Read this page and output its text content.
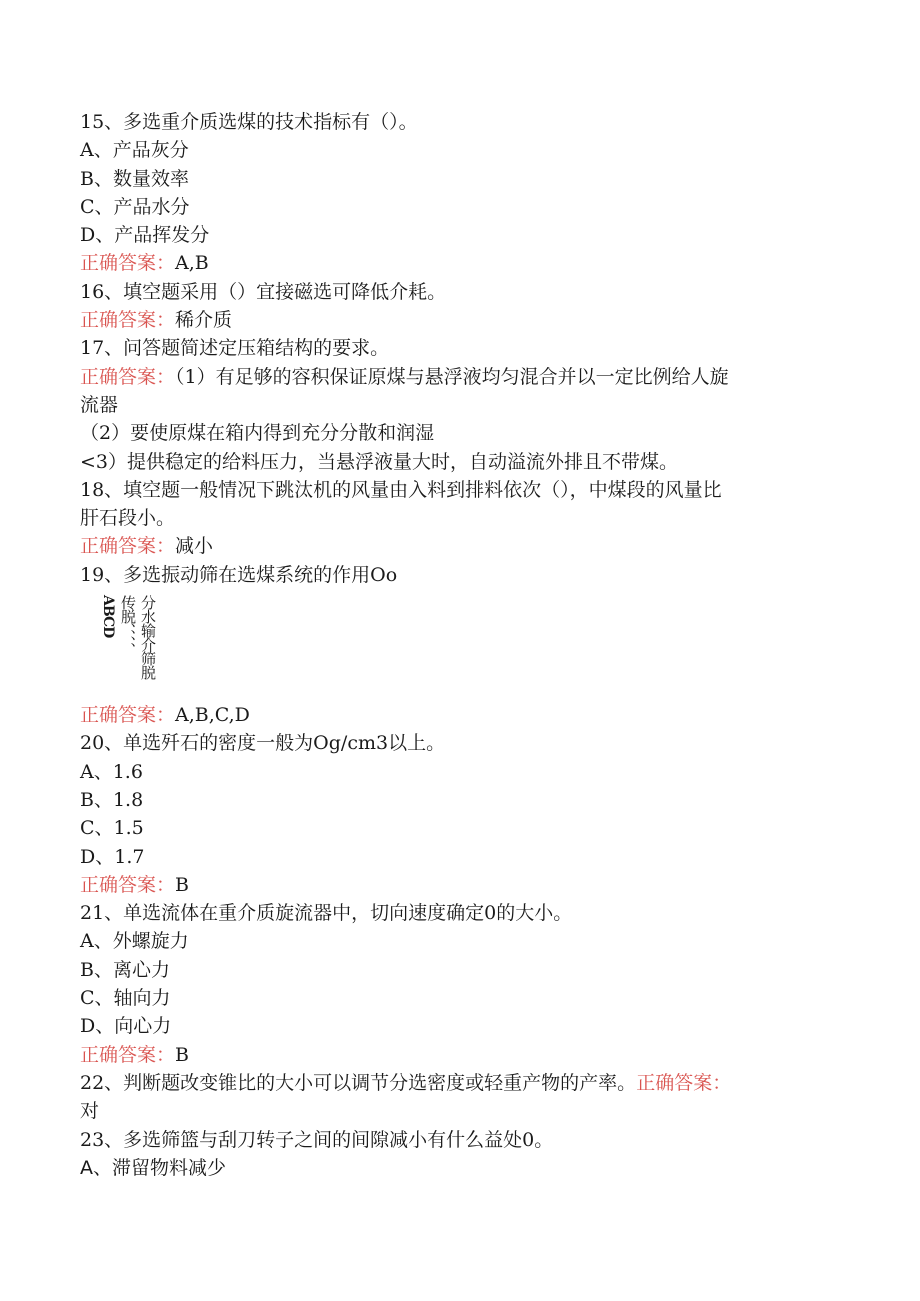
15、多选重介质选煤的技术指标有（）。

A、产品灰分

B、数量效率

C、产品水分

D、产品挥发分

正确答案：A,B

16、填空题采用（）宜接磁选可降低介耗。

正确答案：稀介质

17、问答题简述定压箱结构的要求。

正确答案：（1）有足够的容积保证原煤与悬浮液均匀混合并以一定比例给人旋

流器

（2）要使原煤在箱内得到充分分散和润湿

<3）提供稳定的给料压力，当悬浮液量大时，自动溢流外排且不带煤。

18、填空题一般情况下跳汰机的风量由入料到排料依次（），中煤段的风量比

肝石段小。

正确答案：减小

19、多选振动筛在选煤系统的作用Oo

ABCD 传脱、、、、 分水输介筛脱

正确答案：A,B,C,D

20、单选歼石的密度一般为Og/cm3以上。

A、1.6

B、1.8

C、1.5

D、1.7

正确答案：B

21、单选流体在重介质旋流器中，切向速度确定0的大小。

A、外螺旋力

B、离心力

C、轴向力

D、向心力

正确答案：B

22、判断题改变锥比的大小可以调节分选密度或轻重产物的产率。正确答案：

对

23、多选筛篮与刮刀转子之间的间隙减小有什么益处0。

A、滞留物料减少
